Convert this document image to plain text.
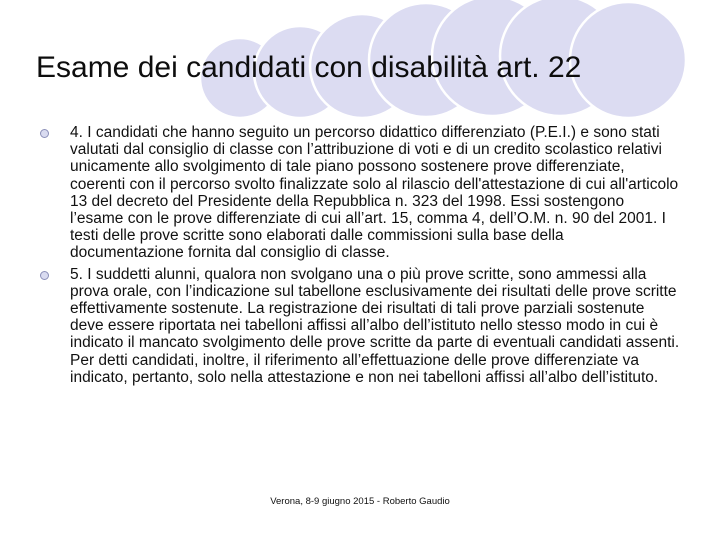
Esame dei candidati con disabilità art. 22
4. I candidati che hanno seguito un percorso didattico differenziato (P.E.I.) e sono stati valutati dal consiglio di classe con l’attribuzione di voti e di un credito scolastico relativi unicamente allo svolgimento di tale piano possono sostenere prove differenziate, coerenti con il percorso svolto finalizzate solo al rilascio dell'attestazione di cui all'articolo 13 del decreto del Presidente della Repubblica n. 323 del 1998. Essi sostengono l’esame con le prove differenziate di cui all’art. 15, comma 4, dell’O.M. n. 90 del 2001. I testi delle prove scritte sono elaborati dalle commissioni sulla base della documentazione fornita dal consiglio di classe.
5. I suddetti alunni, qualora non svolgano una o più prove scritte, sono ammessi alla prova orale, con l’indicazione sul tabellone esclusivamente dei risultati delle prove scritte effettivamente sostenute. La registrazione dei risultati di tali prove parziali sostenute deve essere riportata nei tabelloni affissi all’albo dell’istituto nello stesso modo in cui è indicato il mancato svolgimento delle prove scritte da parte di eventuali candidati assenti. Per detti candidati, inoltre, il riferimento all’effettuazione delle prove differenziate va indicato, pertanto, solo nella attestazione e non nei tabelloni affissi all’albo dell’istituto.
Verona, 8-9 giugno 2015 - Roberto Gaudio
